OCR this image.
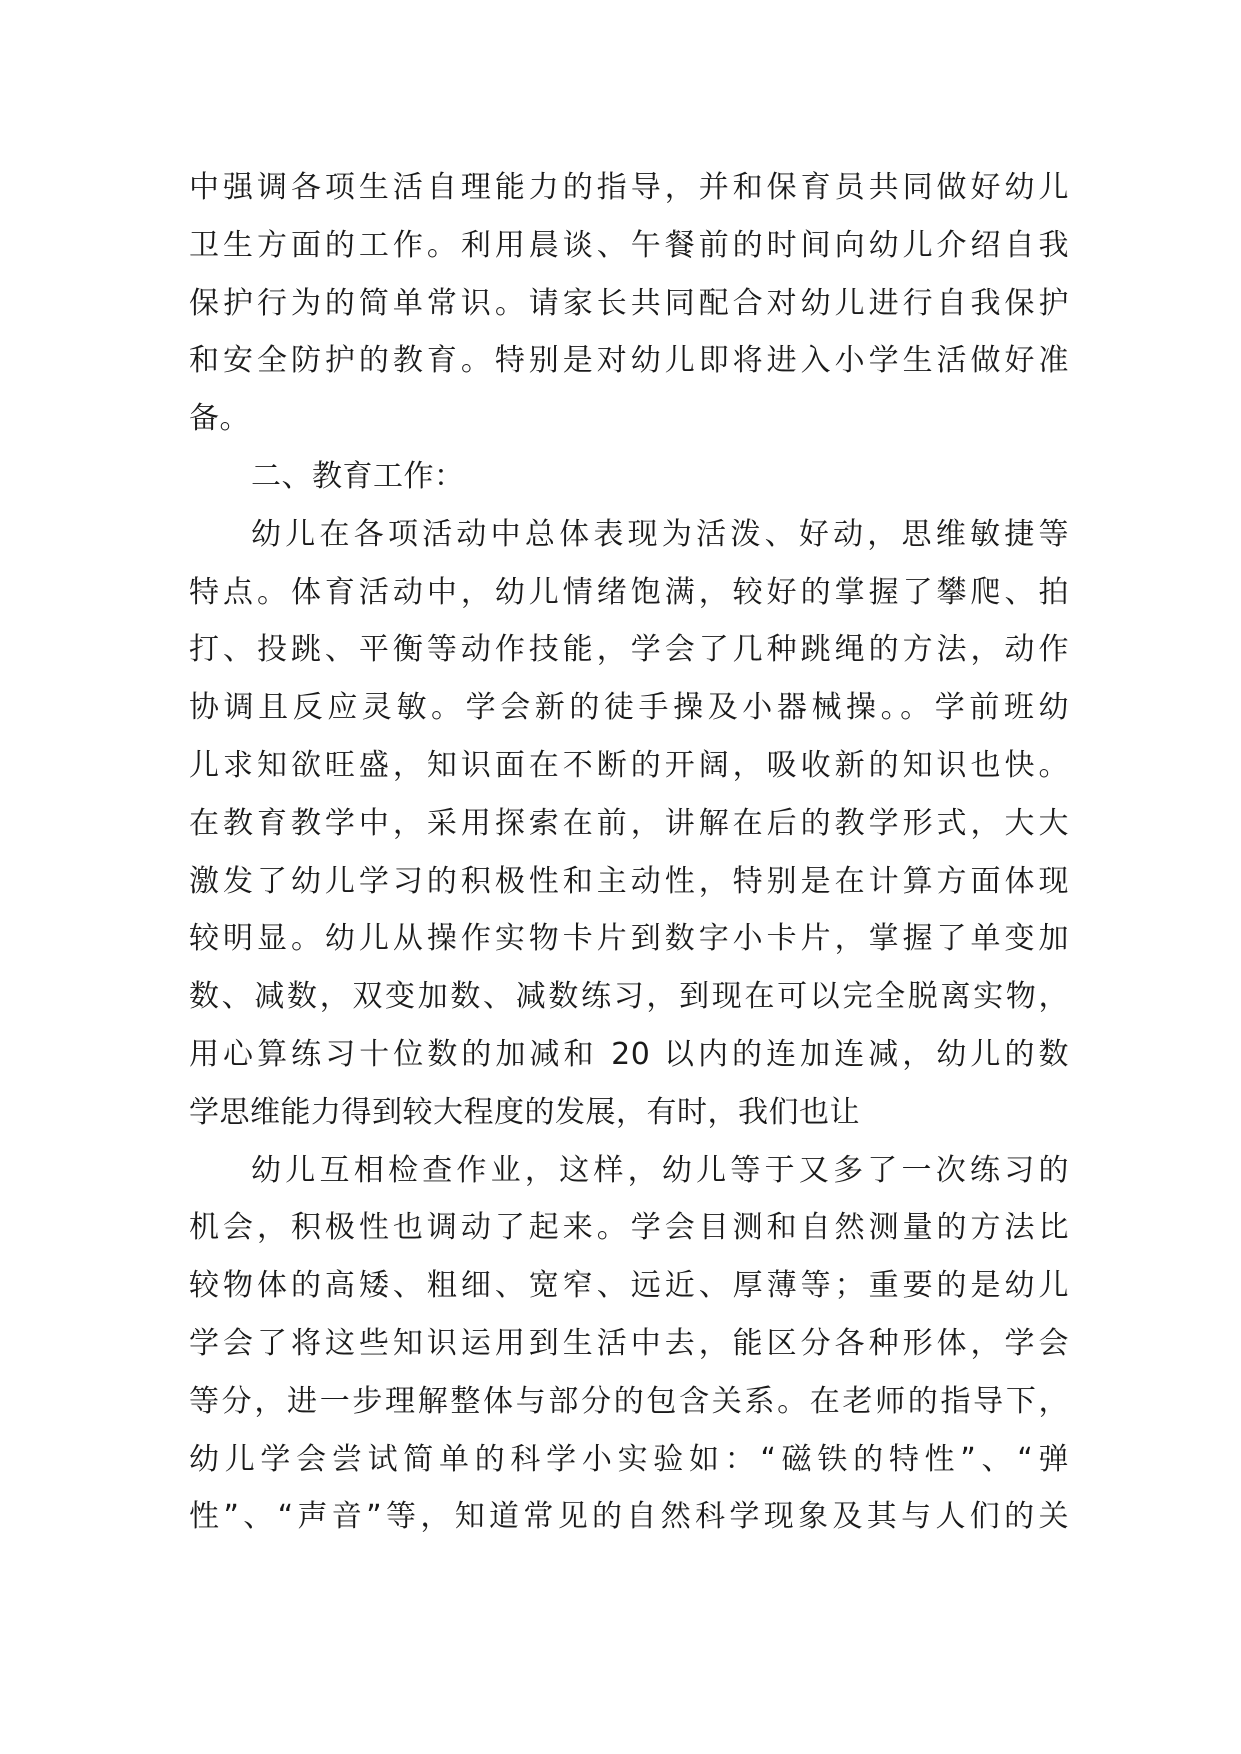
中强调各项生活自理能力的指导，并和保育员共同做好幼儿
卫生方面的工作。利用晨谈、午餐前的时间向幼儿介绍自我
保护行为的简单常识。请家长共同配合对幼儿进行自我保护
和安全防护的教育。特别是对幼儿即将进入小学生活做好准
备。
二、教育工作：
幼儿在各项活动中总体表现为活泼、好动，思维敏捷等
特点。体育活动中，幼儿情绪饱满，较好的掌握了攀爬、拍
打、投跳、平衡等动作技能，学会了几种跳绳的方法，动作
协调且反应灵敏。学会新的徒手操及小器械操。。学前班幼
儿求知欲旺盛，知识面在不断的开阔，吸收新的知识也快。
在教育教学中，采用探索在前，讲解在后的教学形式，大大
激发了幼儿学习的积极性和主动性，特别是在计算方面体现
较明显。幼儿从操作实物卡片到数字小卡片，掌握了单变加
数、减数，双变加数、减数练习，到现在可以完全脱离实物，
用心算练习十位数的加减和 20 以内的连加连减，幼儿的数
学思维能力得到较大程度的发展，有时，我们也让
幼儿互相检查作业，这样，幼儿等于又多了一次练习的
机会，积极性也调动了起来。学会目测和自然测量的方法比
较物体的高矮、粗细、宽窄、远近、厚薄等；重要的是幼儿
学会了将这些知识运用到生活中去，能区分各种形体，学会
等分，进一步理解整体与部分的包含关系。在老师的指导下，
幼儿学会尝试简单的科学小实验如：“磁铁的特性”、“弹
性”、“声音”等，知道常见的自然科学现象及其与人们的关
